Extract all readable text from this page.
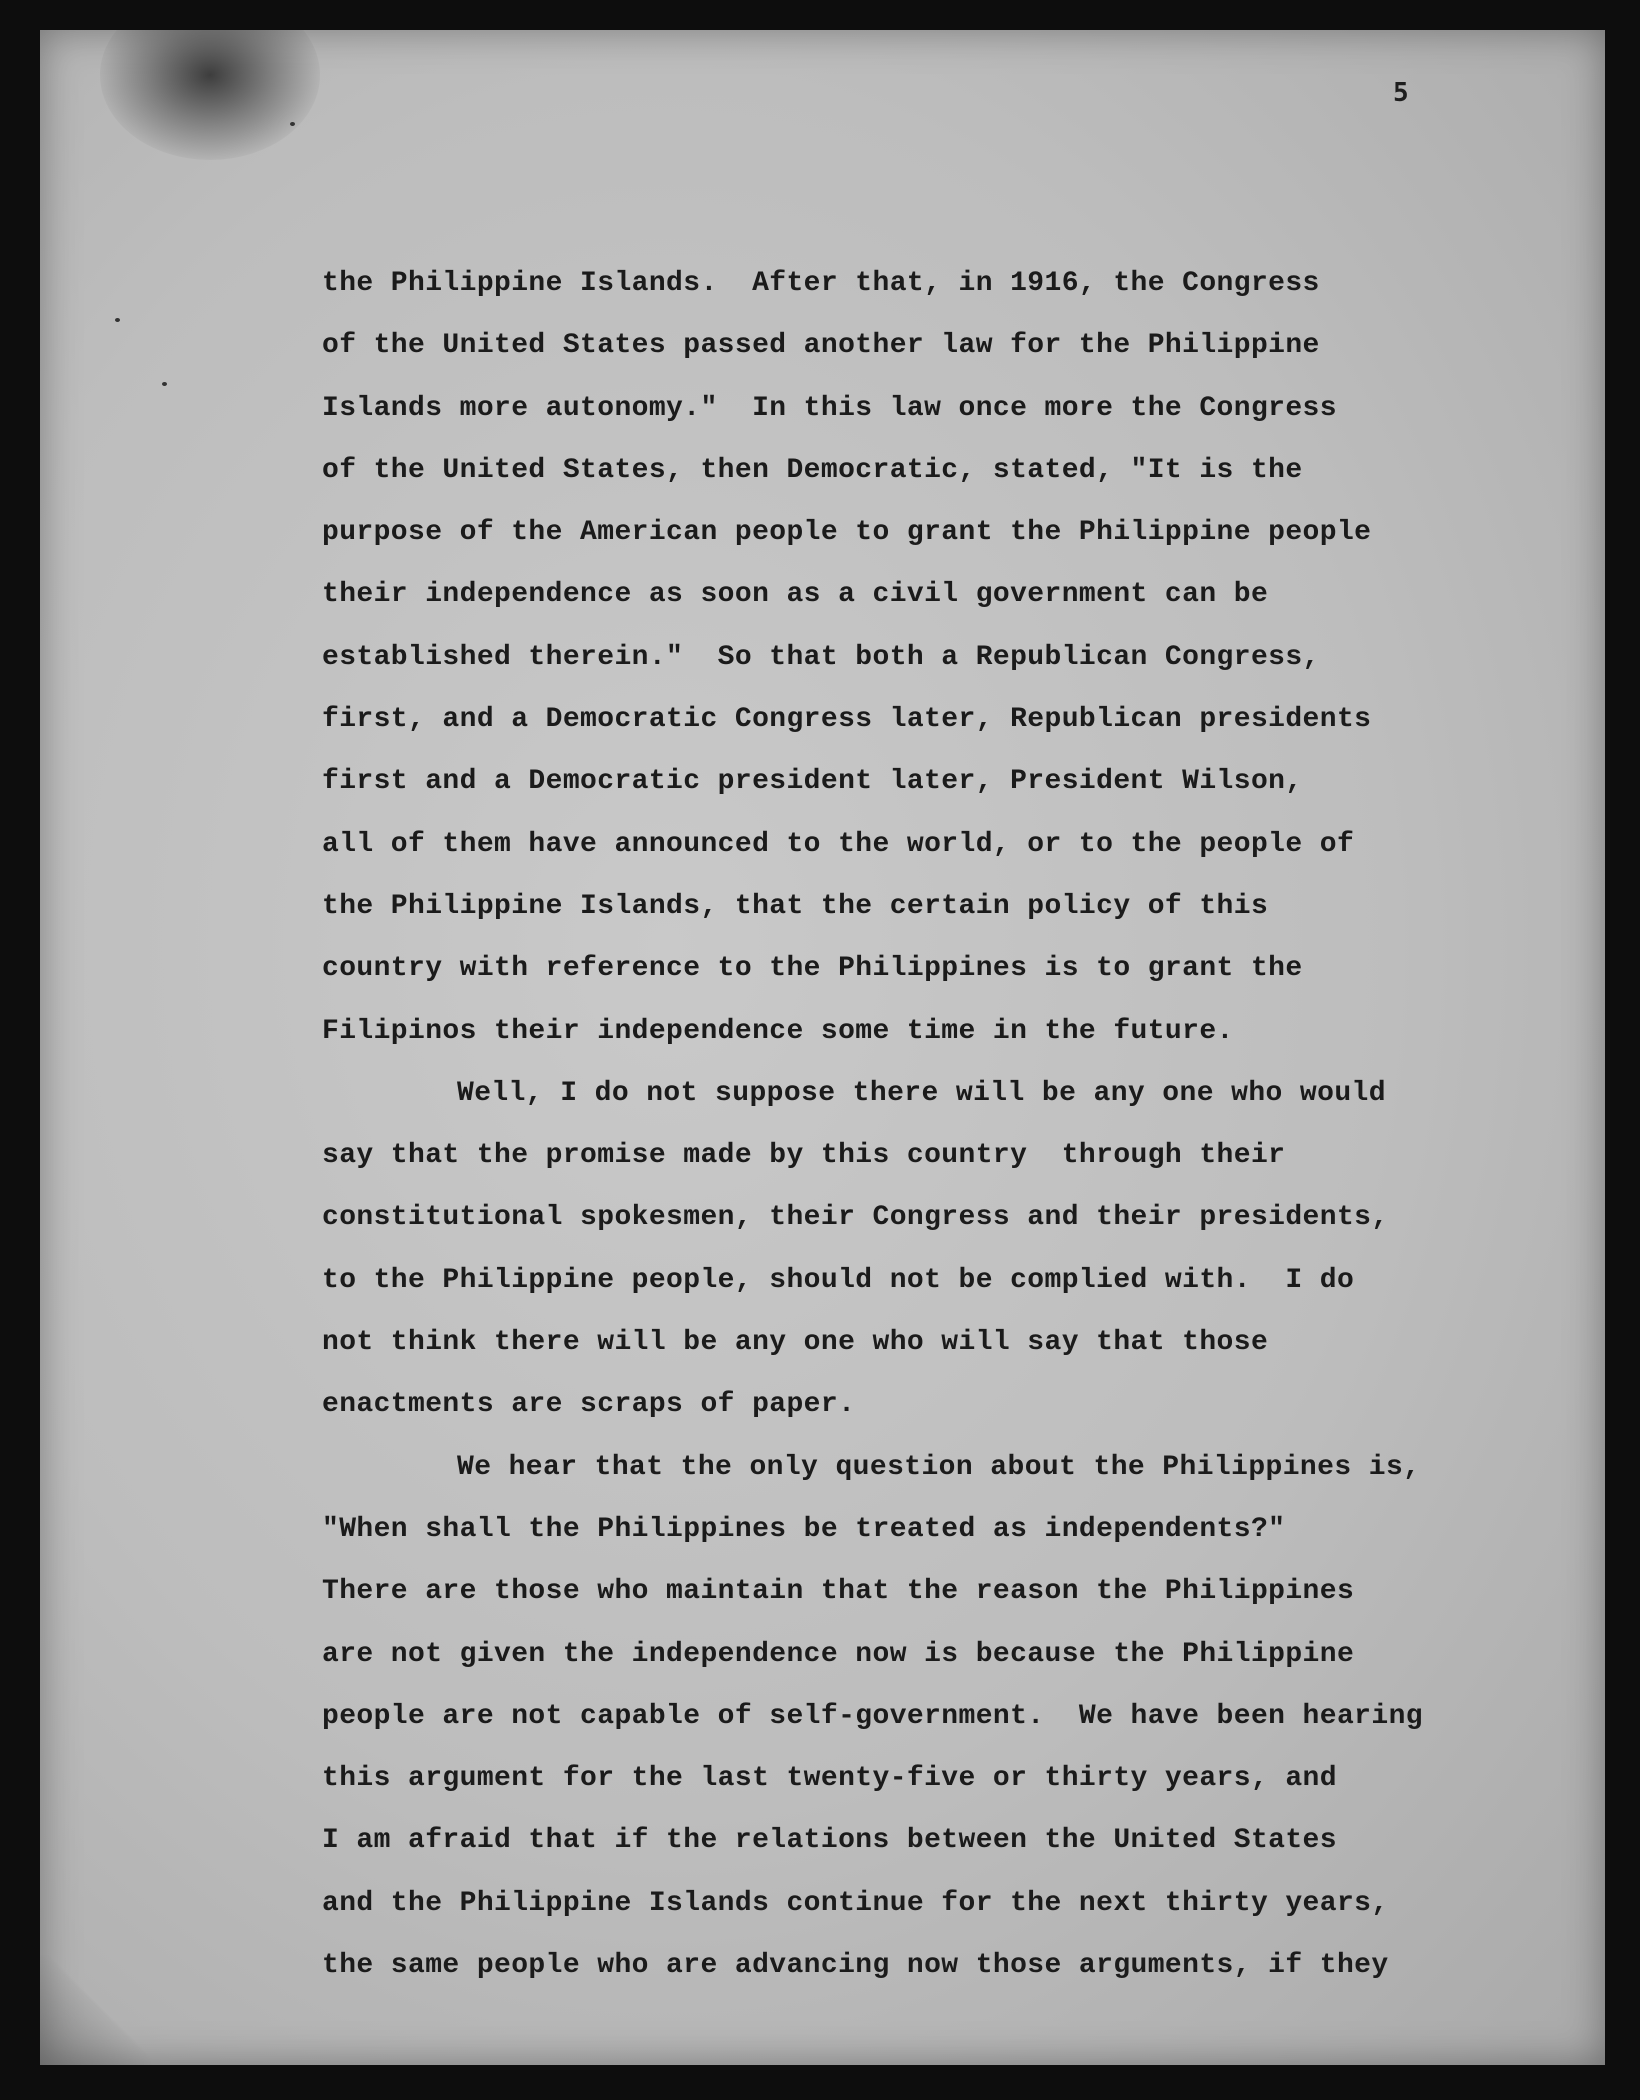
5
the Philippine Islands.  After that, in 1916, the Congress
of the United States passed another law for the Philippine
Islands more autonomy."  In this law once more the Congress
of the United States, then Democratic, stated, "It is the
purpose of the American people to grant the Philippine people
their independence as soon as a civil government can be
established therein."  So that both a Republican Congress,
first, and a Democratic Congress later, Republican presidents
first and a Democratic president later, President Wilson,
all of them have announced to the world, or to the people of
the Philippine Islands, that the certain policy of this
country with reference to the Philippines is to grant the
Filipinos their independence some time in the future.
Well, I do not suppose there will be any one who would
say that the promise made by this country  through their
constitutional spokesmen, their Congress and their presidents,
to the Philippine people, should not be complied with.  I do
not think there will be any one who will say that those
enactments are scraps of paper.
We hear that the only question about the Philippines is,
"When shall the Philippines be treated as independents?"
There are those who maintain that the reason the Philippines
are not given the independence now is because the Philippine
people are not capable of self-government.  We have been hearing
this argument for the last twenty-five or thirty years, and
I am afraid that if the relations between the United States
and the Philippine Islands continue for the next thirty years,
the same people who are advancing now those arguments, if they
